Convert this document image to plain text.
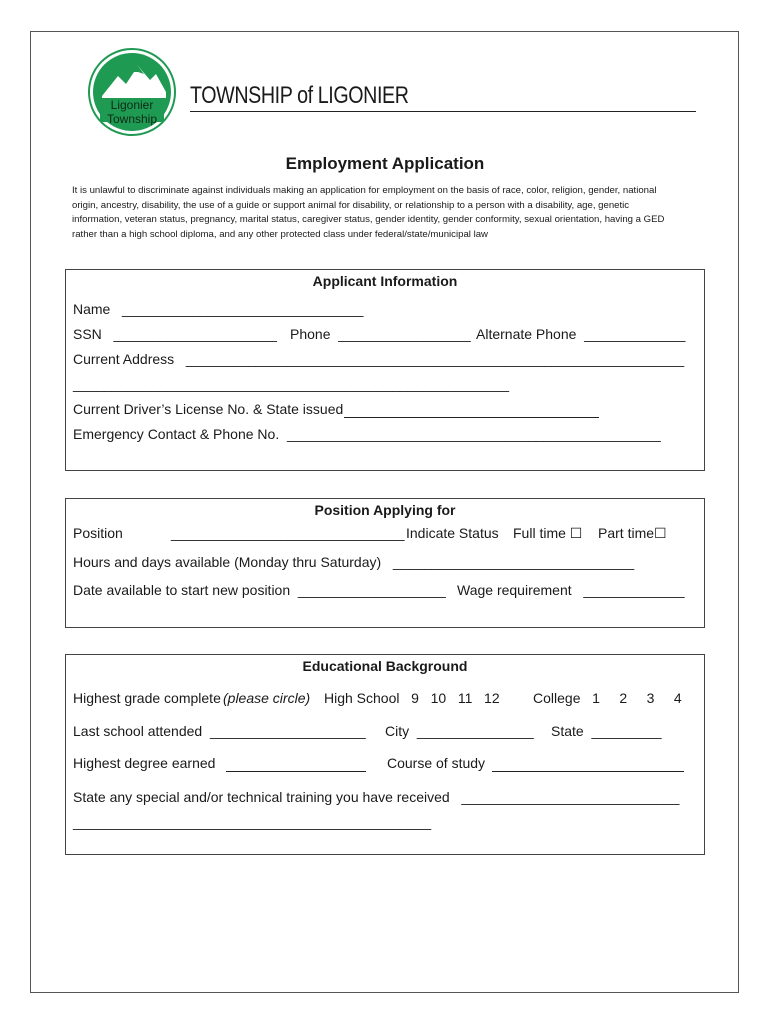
Ligonier
Township
TOWNSHIP of LIGONIER
Employment Application
It is unlawful to discriminate against individuals making an application for employment on the basis of race, color, religion, gender, national
origin, ancestry, disability, the use of a guide or support animal for disability, or relationship to a person with a disability, age, genetic
information, veteran status, pregnancy, marital status, caregiver status, gender identity, gender conformity, sexual orientation, having a GED
rather than a high school diploma, and any other protected class under federal/state/municipal law
Applicant Information
Name   _______________________________
SSN   _____________________ Phone  _________________ Alternate Phone  _____________
Current Address   ________________________________________________________________
________________________________________________________
Current Driver’s License No. & State issued
Emergency Contact & Phone No.  ________________________________________________
Position Applying for
Position	______________________________ Indicate Status Full time ☐ Part time☐
Hours and days available (Monday thru Saturday)   _______________________________
Date available to start new position  ___________________ Wage requirement   _____________
Educational Background
Highest grade complete
(please circle) High School   9   10   11   12 College   1     2     3     4
Last school attended  ____________________ City  _______________ State  _________
Highest degree earned	Course of study
State any special and/or technical training you have received   ____________________________
______________________________________________
